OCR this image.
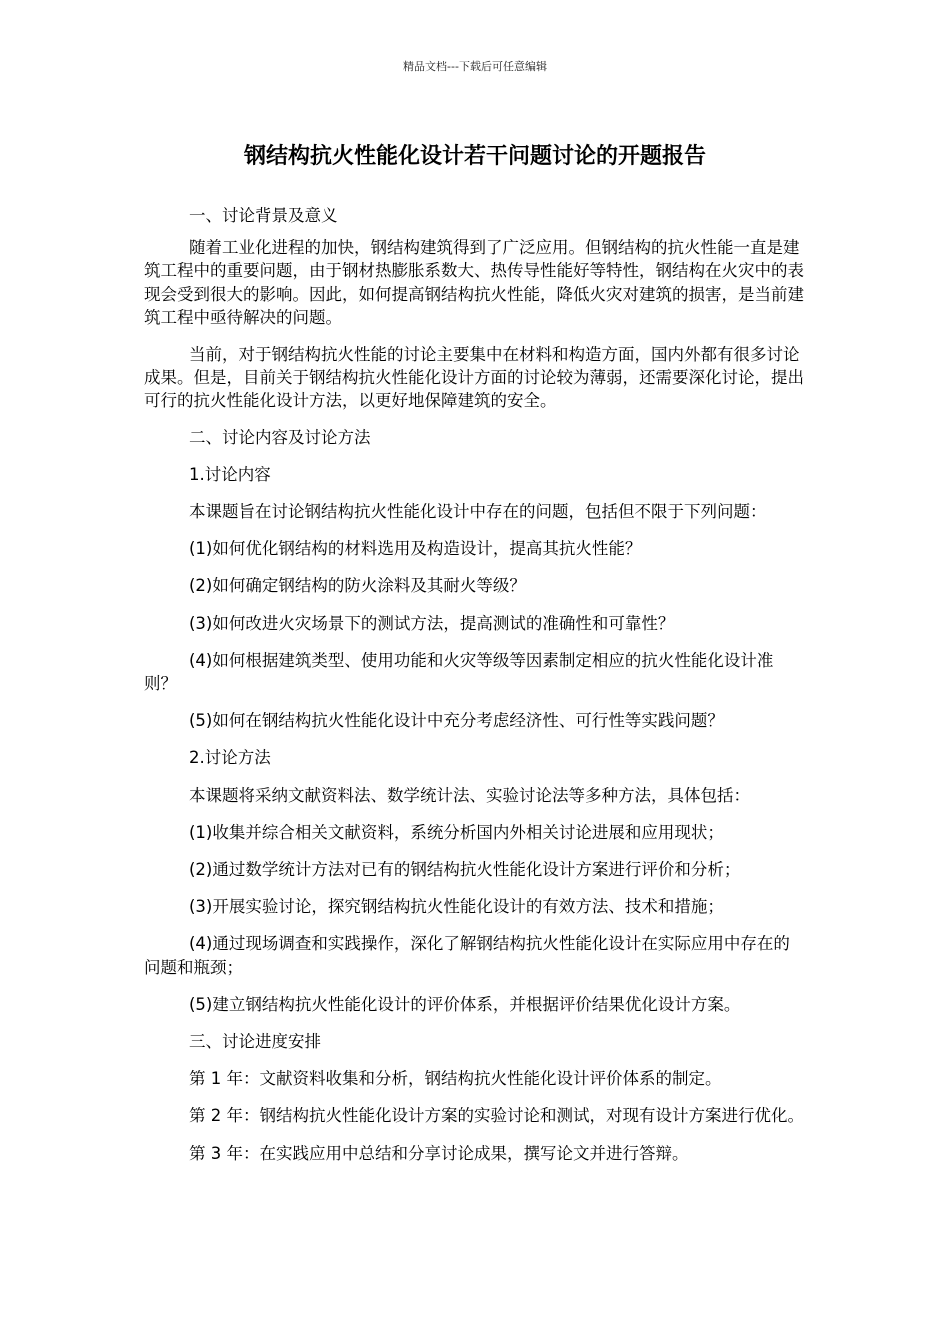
精品文档---下载后可任意编辑
钢结构抗火性能化设计若干问题讨论的开题报告

一、讨论背景及意义

随着工业化进程的加快，钢结构建筑得到了广泛应用。但钢结构的抗火性能一直是建筑工程中的重要问题，由于钢材热膨胀系数大、热传导性能好等特性，钢结构在火灾中的表现会受到很大的影响。因此，如何提高钢结构抗火性能，降低火灾对建筑的损害，是当前建筑工程中亟待解决的问题。

当前，对于钢结构抗火性能的讨论主要集中在材料和构造方面，国内外都有很多讨论成果。但是，目前关于钢结构抗火性能化设计方面的讨论较为薄弱，还需要深化讨论，提出可行的抗火性能化设计方法，以更好地保障建筑的安全。

二、讨论内容及讨论方法

1.讨论内容

本课题旨在讨论钢结构抗火性能化设计中存在的问题，包括但不限于下列问题：

(1)如何优化钢结构的材料选用及构造设计，提高其抗火性能？

(2)如何确定钢结构的防火涂料及其耐火等级？

(3)如何改进火灾场景下的测试方法，提高测试的准确性和可靠性？

(4)如何根据建筑类型、使用功能和火灾等级等因素制定相应的抗火性能化设计准则？

(5)如何在钢结构抗火性能化设计中充分考虑经济性、可行性等实践问题？

2.讨论方法

本课题将采纳文献资料法、数学统计法、实验讨论法等多种方法，具体包括：

(1)收集并综合相关文献资料，系统分析国内外相关讨论进展和应用现状；

(2)通过数学统计方法对已有的钢结构抗火性能化设计方案进行评价和分析；

(3)开展实验讨论，探究钢结构抗火性能化设计的有效方法、技术和措施；

(4)通过现场调查和实践操作，深化了解钢结构抗火性能化设计在实际应用中存在的问题和瓶颈；

(5)建立钢结构抗火性能化设计的评价体系，并根据评价结果优化设计方案。

三、讨论进度安排

第 1 年：文献资料收集和分析，钢结构抗火性能化设计评价体系的制定。

第 2 年：钢结构抗火性能化设计方案的实验讨论和测试，对现有设计方案进行优化。

第 3 年：在实践应用中总结和分享讨论成果，撰写论文并进行答辩。
